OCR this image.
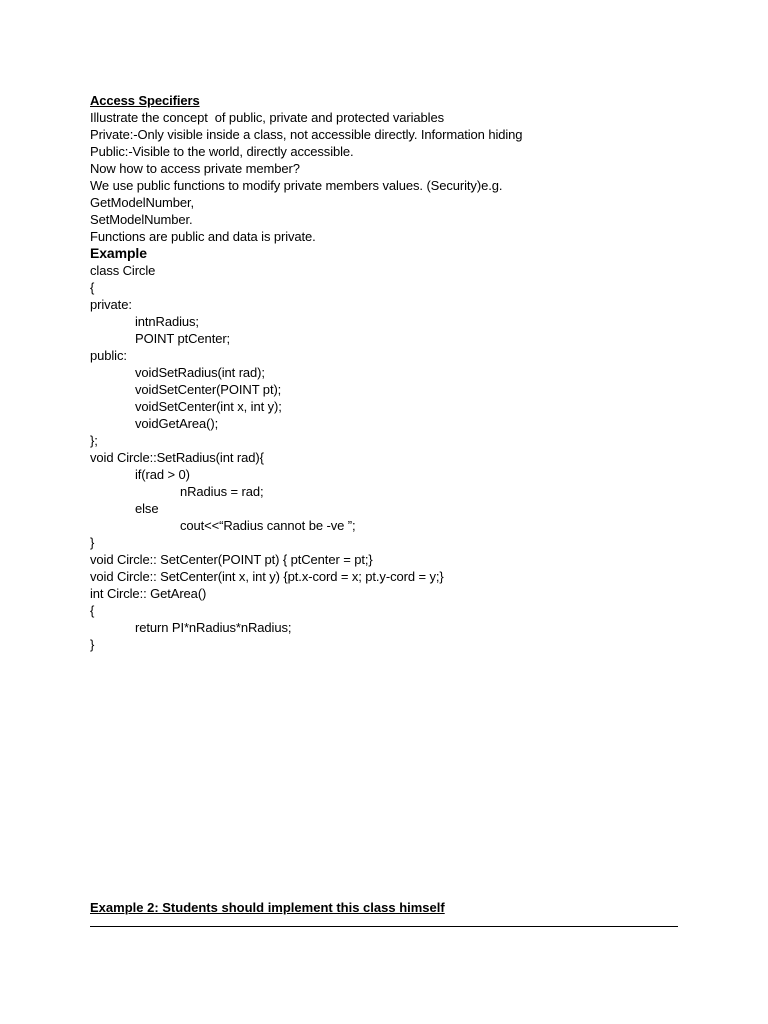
Access Specifiers
Illustrate the concept  of public, private and protected variables
Private:-Only visible inside a class, not accessible directly. Information hiding
Public:-Visible to the world, directly accessible.
Now how to access private member?
We use public functions to modify private members values. (Security)e.g.
GetModelNumber,
SetModelNumber.
Functions are public and data is private.
Example
class Circle
{
private:
intnRadius;
POINT ptCenter;
public:
voidSetRadius(int rad);
voidSetCenter(POINT pt);
voidSetCenter(int x, int y);
voidGetArea();
};
void Circle::SetRadius(int rad){
if(rad > 0)
nRadius = rad;
else
cout<<“Radius cannot be -ve ”;
}
void Circle:: SetCenter(POINT pt) { ptCenter = pt;}
void Circle:: SetCenter(int x, int y) {pt.x-cord = x; pt.y-cord = y;}
int Circle:: GetArea()
{
return PI*nRadius*nRadius;
}
Example 2: Students should implement this class himself
